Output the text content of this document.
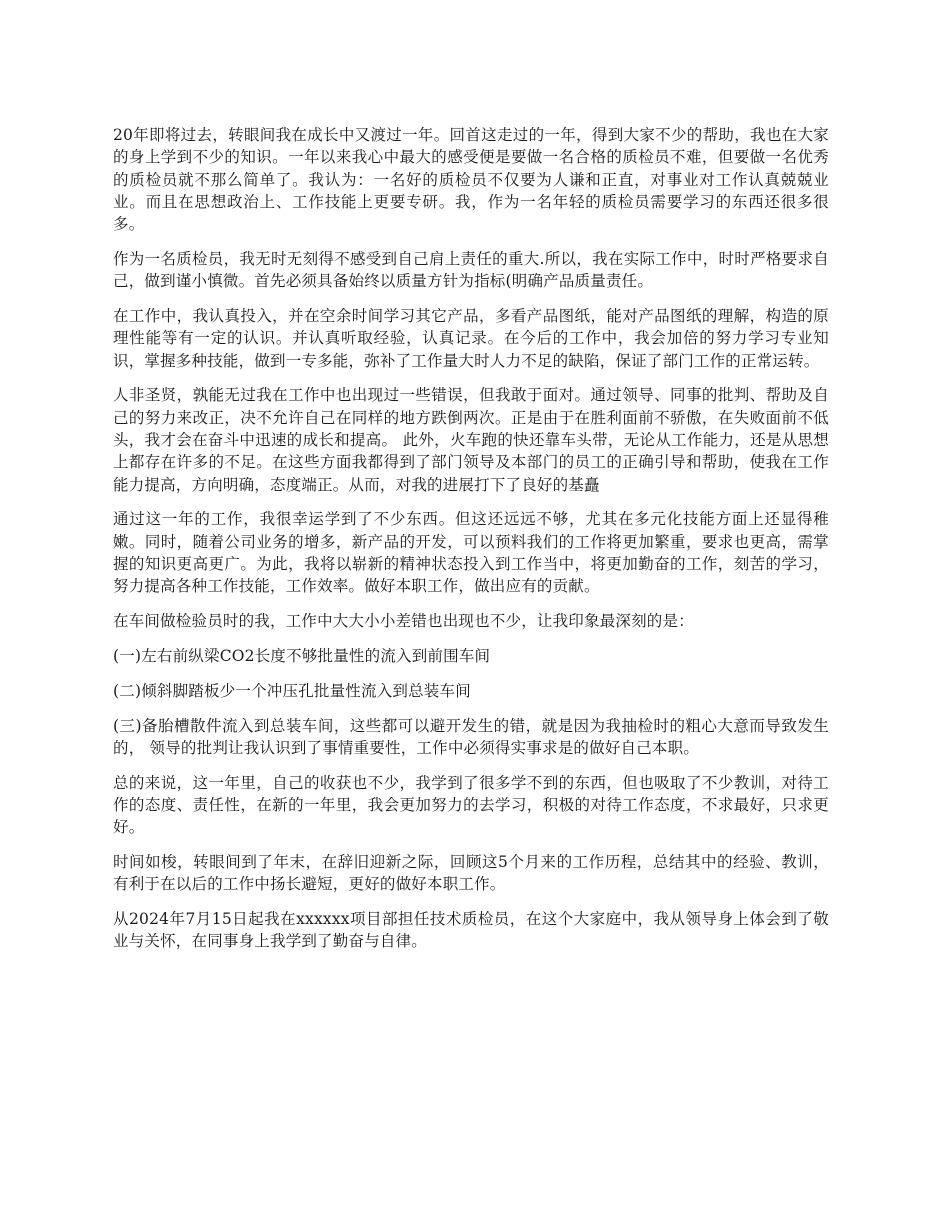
20年即将过去，转眼间我在成长中又渡过一年。回首这走过的一年，得到大家不少的帮助，我也在大家的身上学到不少的知识。一年以来我心中最大的感受便是要做一名合格的质检员不难，但要做一名优秀的质检员就不那么简单了。我认为：一名好的质检员不仅要为人谦和正直，对事业对工作认真兢兢业业。而且在思想政治上、工作技能上更要专研。我，作为一名年轻的质检员需要学习的东西还很多很多。

作为一名质检员，我无时无刻得不感受到自己肩上责任的重大.所以，我在实际工作中，时时严格要求自己，做到谨小慎微。首先必须具备始终以质量方针为指标(明确产品质量责任。

在工作中，我认真投入，并在空余时间学习其它产品，多看产品图纸，能对产品图纸的理解，构造的原理性能等有一定的认识。并认真听取经验，认真记录。在今后的工作中，我会加倍的努力学习专业知识，掌握多种技能，做到一专多能，弥补了工作量大时人力不足的缺陷，保证了部门工作的正常运转。

人非圣贤，孰能无过我在工作中也出现过一些错误，但我敢于面对。通过领导、同事的批判、帮助及自己的努力来改正，决不允许自己在同样的地方跌倒两次。正是由于在胜利面前不骄傲，在失败面前不低头，我才会在奋斗中迅速的成长和提高。 此外，火车跑的快还靠车头带，无论从工作能力，还是从思想上都存在许多的不足。在这些方面我都得到了部门领导及本部门的员工的正确引导和帮助，使我在工作能力提高，方向明确，态度端正。从而，对我的进展打下了良好的基矗

通过这一年的工作，我很幸运学到了不少东西。但这还远远不够，尤其在多元化技能方面上还显得稚嫩。同时，随着公司业务的增多，新产品的开发，可以预料我们的工作将更加繁重，要求也更高，需掌握的知识更高更广。为此，我将以崭新的精神状态投入到工作当中，将更加勤奋的工作，刻苦的学习，努力提高各种工作技能，工作效率。做好本职工作，做出应有的贡献。

在车间做检验员时的我，工作中大大小小差错也出现也不少，让我印象最深刻的是：

(一)左右前纵梁CO2长度不够批量性的流入到前围车间

(二)倾斜脚踏板少一个冲压孔批量性流入到总装车间

(三)备胎槽散件流入到总装车间，这些都可以避开发生的错，就是因为我抽检时的粗心大意而导致发生的， 领导的批判让我认识到了事情重要性，工作中必须得实事求是的做好自己本职。

总的来说，这一年里，自己的收获也不少，我学到了很多学不到的东西，但也吸取了不少教训，对待工作的态度、责任性，在新的一年里，我会更加努力的去学习，积极的对待工作态度，不求最好，只求更好。

时间如梭，转眼间到了年末，在辞旧迎新之际，回顾这5个月来的工作历程，总结其中的经验、教训，有利于在以后的工作中扬长避短，更好的做好本职工作。

从2024年7月15日起我在xxxxxx项目部担任技术质检员，在这个大家庭中，我从领导身上体会到了敬业与关怀，在同事身上我学到了勤奋与自律。
